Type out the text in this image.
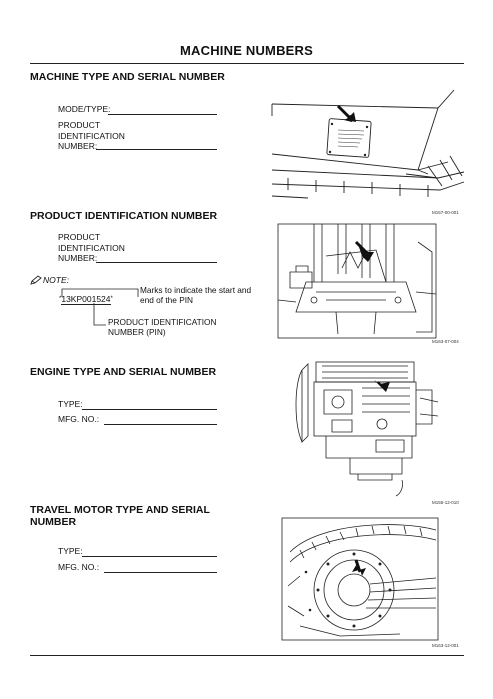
MACHINE NUMBERS
MACHINE TYPE AND SERIAL NUMBER
MODE/TYPE:
PRODUCT
IDENTIFICATION
NUMBER:
M157-00-001
PRODUCT IDENTIFICATION NUMBER
PRODUCT
IDENTIFICATION
NUMBER:
NOTE:
*13KP001524*
Marks to indicate the start and
end of the PIN
PRODUCT IDENTIFICATION
NUMBER (PIN)
M163-07-004
ENGINE TYPE AND SERIAL NUMBER
TYPE:
MFG. NO.:
M155-12-010
TRAVEL MOTOR TYPE AND SERIAL
NUMBER
TYPE:
MFG. NO.:
M163-12-001
